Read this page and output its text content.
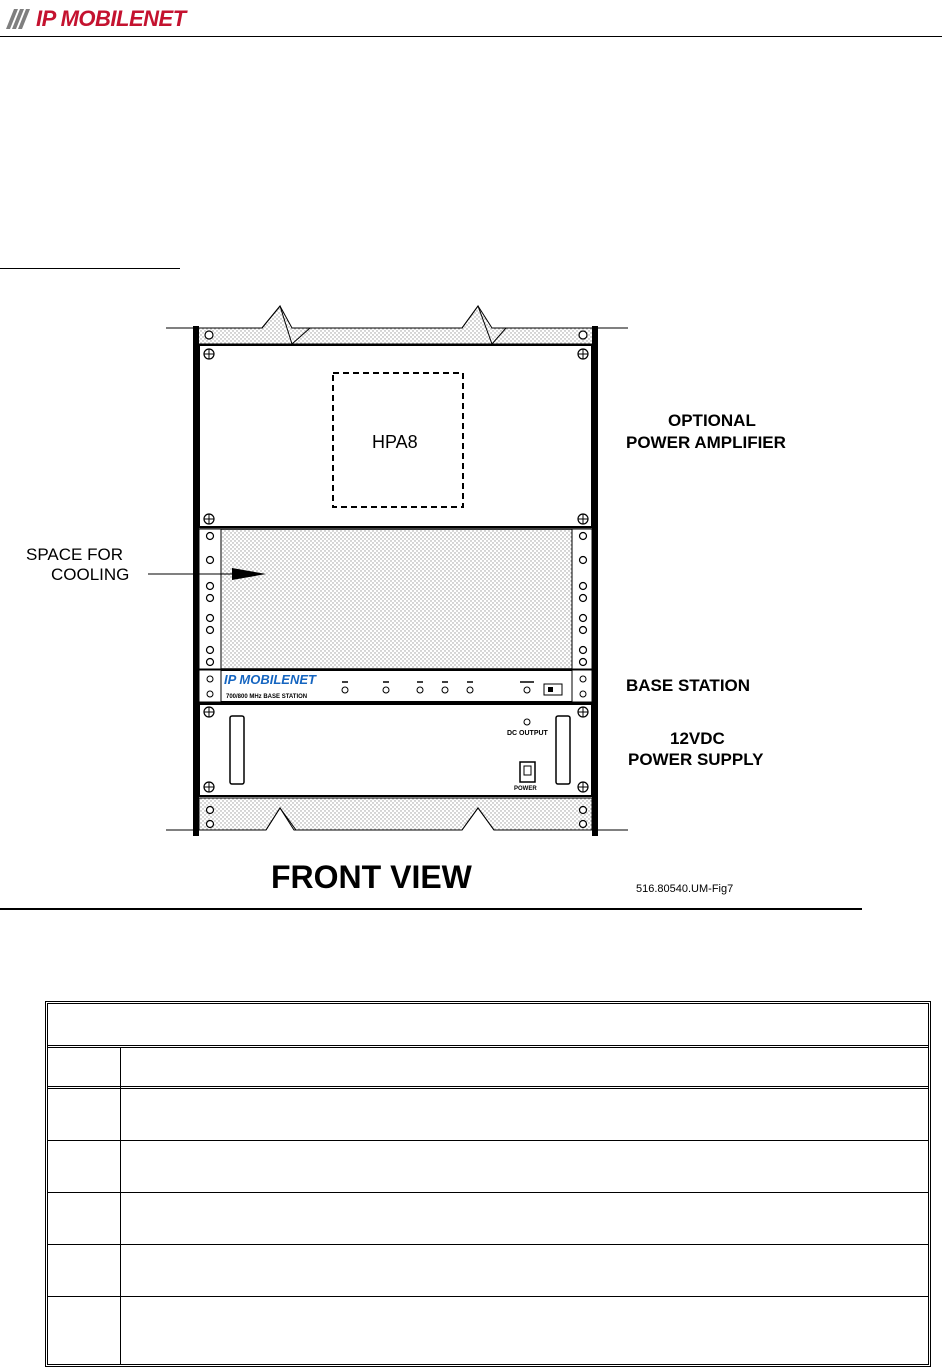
IP MOBILENET
IP MOBILENET
700/800 MHz BASE STATION
DC OUTPUT
POWER
OPTIONAL
POWER AMPLIFIER
HPA8
SPACE FOR
COOLING
BASE STATION
12VDC
POWER SUPPLY
FRONT VIEW	516.80540.UM-Fig7
